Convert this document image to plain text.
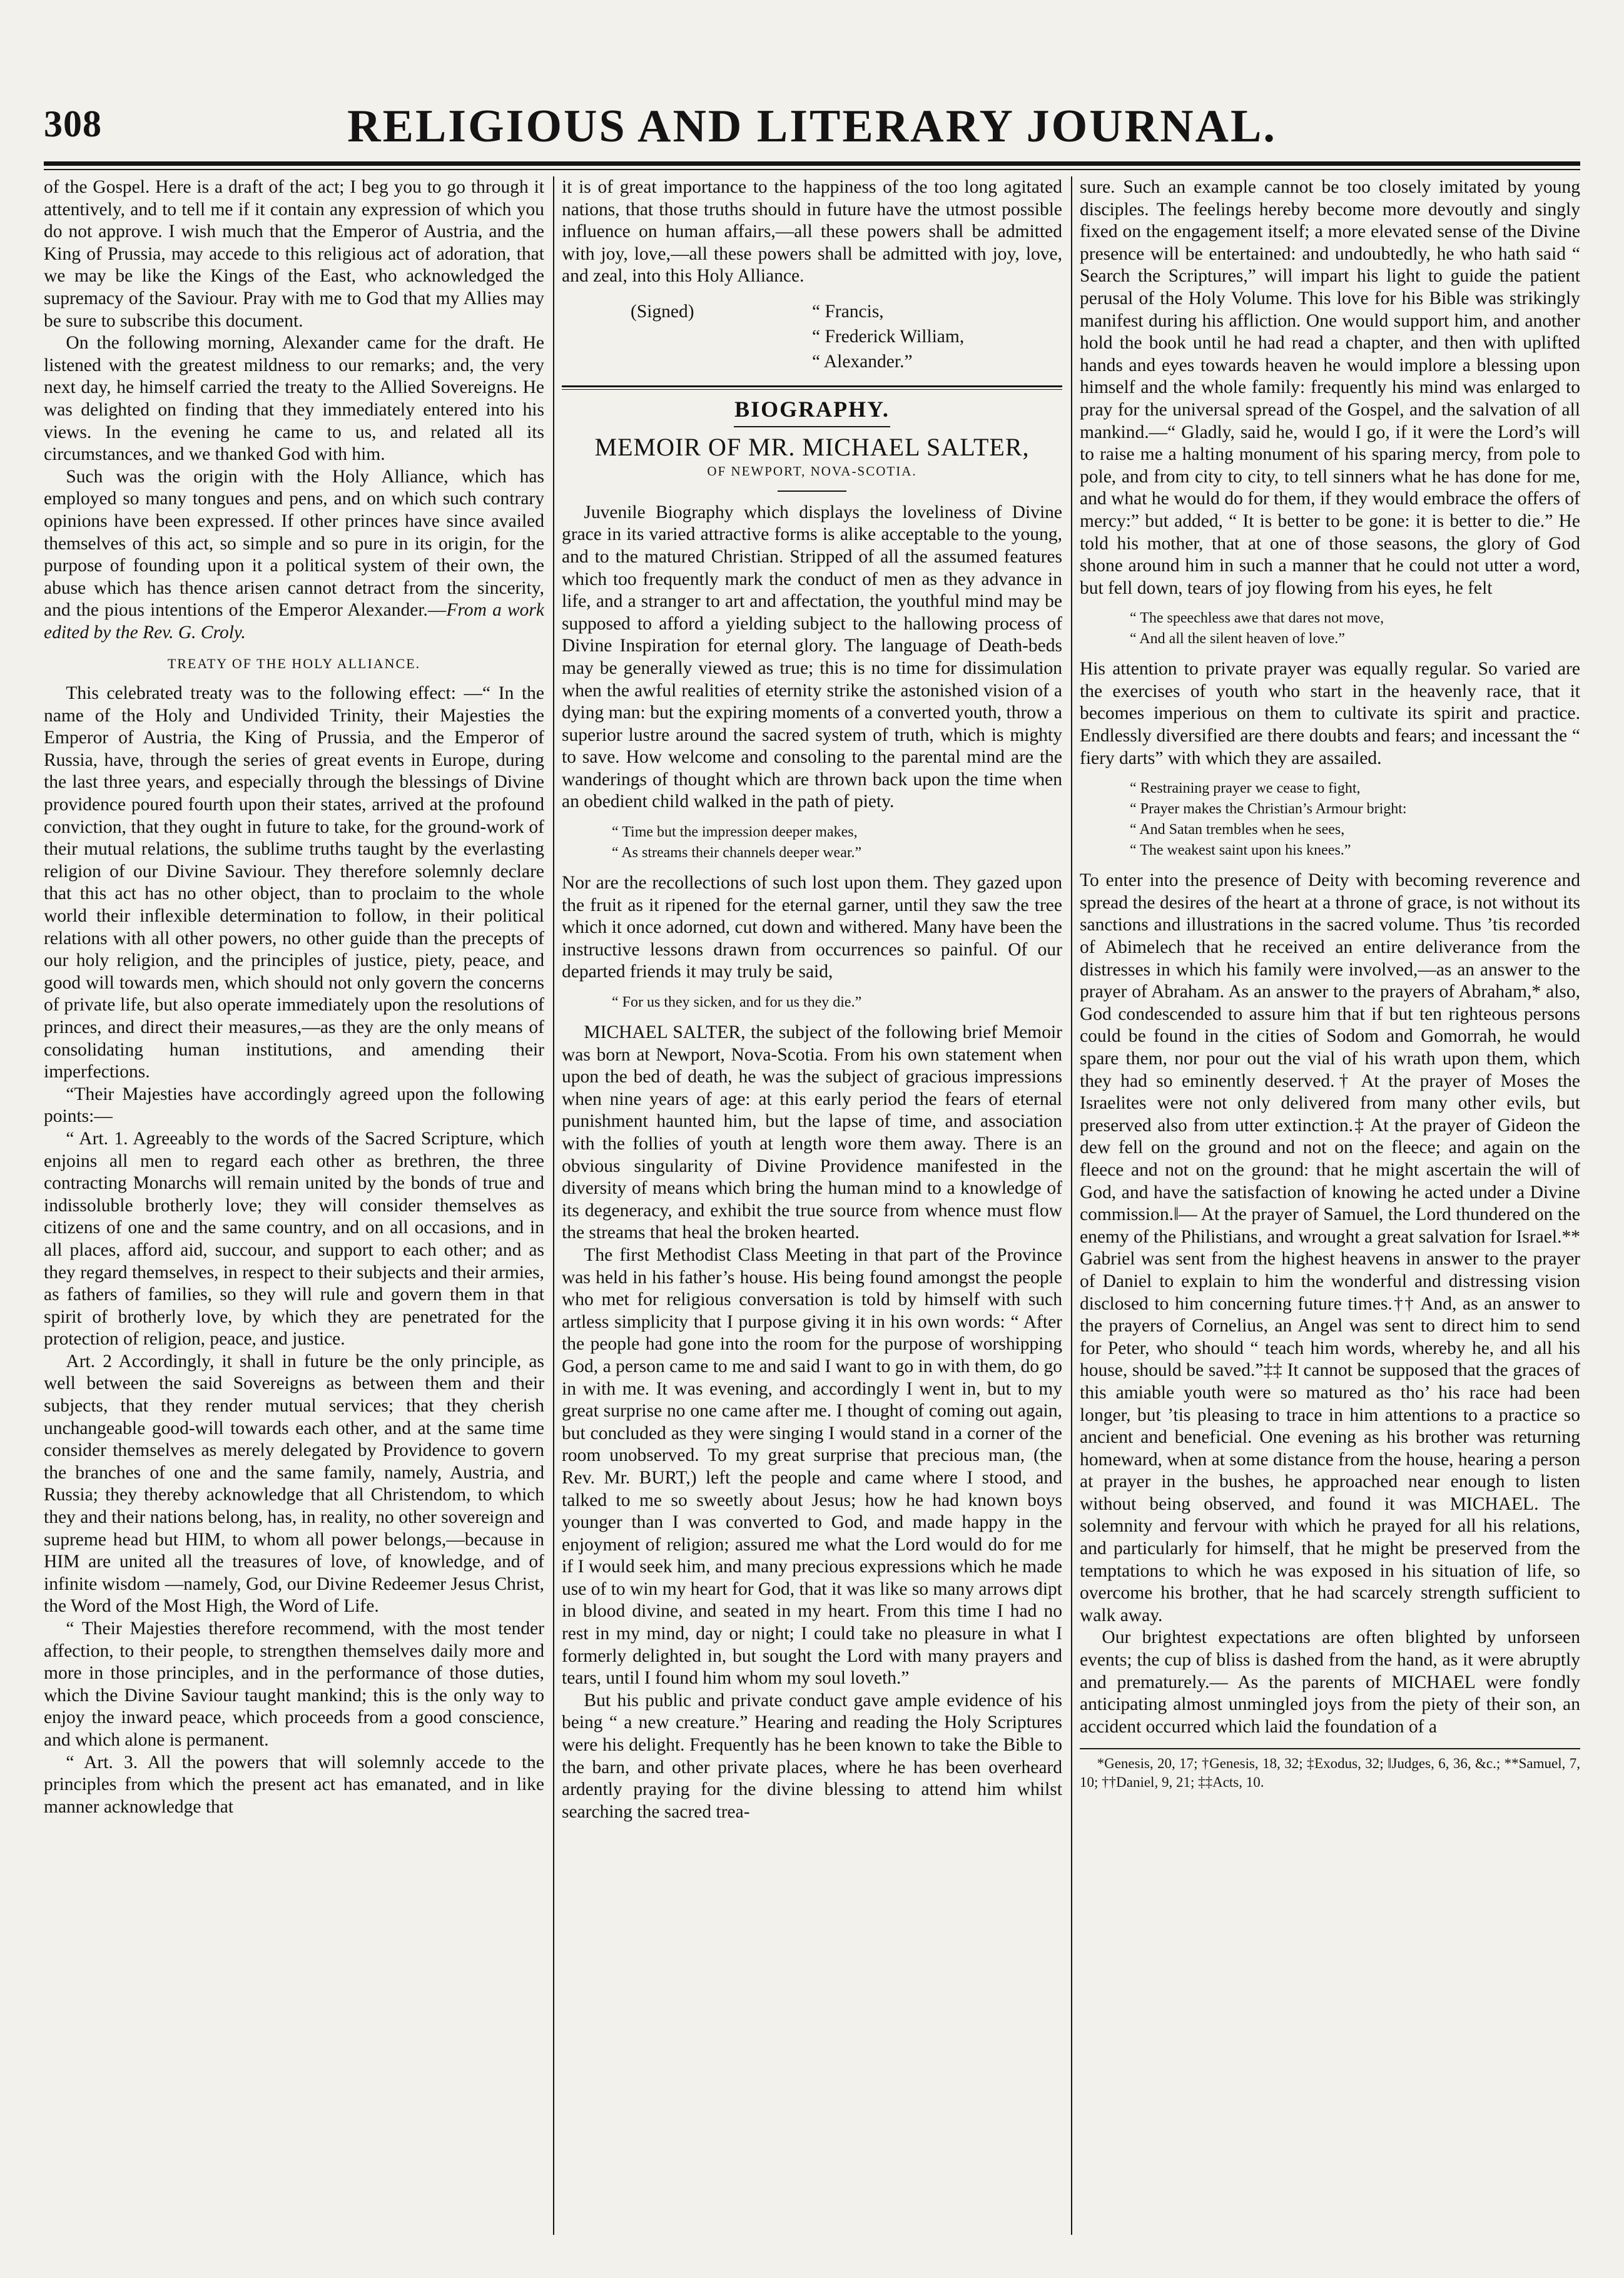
308	RELIGIOUS AND LITERARY JOURNAL.

of the Gospel. Here is a draft of the act; I beg you to go through it attentively, and to tell me if it contain any expression of which you do not approve. I wish much that the Emperor of Austria, and the King of Prussia, may accede to this religious act of adoration, that we may be like the Kings of the East, who acknowledged the supremacy of the Saviour. Pray with me to God that my Allies may be sure to subscribe this document.

On the following morning, Alexander came for the draft. He listened with the greatest mildness to our remarks; and, the very next day, he himself carried the treaty to the Allied Sovereigns. He was delighted on finding that they immediately entered into his views. In the evening he came to us, and related all its circumstances, and we thanked God with him.

Such was the origin with the Holy Alliance, which has employed so many tongues and pens, and on which such contrary opinions have been expressed. If other princes have since availed themselves of this act, so simple and so pure in its origin, for the purpose of founding upon it a political system of their own, the abuse which has thence arisen cannot detract from the sincerity, and the pious intentions of the Emperor Alexander.—From a work edited by the Rev. G. Croly.

TREATY OF THE HOLY ALLIANCE.

This celebrated treaty was to the following effect: —“ In the name of the Holy and Undivided Trinity, their Majesties the Emperor of Austria, the King of Prussia, and the Emperor of Russia, have, through the series of great events in Europe, during the last three years, and especially through the blessings of Divine providence poured fourth upon their states, arrived at the profound conviction, that they ought in future to take, for the ground-work of their mutual relations, the sublime truths taught by the everlasting religion of our Divine Saviour. They therefore solemnly declare that this act has no other object, than to proclaim to the whole world their inflexible determination to follow, in their political relations with all other powers, no other guide than the precepts of our holy religion, and the principles of justice, piety, peace, and good will towards men, which should not only govern the concerns of private life, but also operate immediately upon the resolutions of princes, and direct their measures,—as they are the only means of consolidating human institutions, and amending their imperfections.

“Their Majesties have accordingly agreed upon the following points:—

“ Art. 1. Agreeably to the words of the Sacred Scripture, which enjoins all men to regard each other as brethren, the three contracting Monarchs will remain united by the bonds of true and indissoluble brotherly love; they will consider themselves as citizens of one and the same country, and on all occasions, and in all places, afford aid, succour, and support to each other; and as they regard themselves, in respect to their subjects and their armies, as fathers of families, so they will rule and govern them in that spirit of brotherly love, by which they are penetrated for the protection of religion, peace, and justice.

Art. 2 Accordingly, it shall in future be the only principle, as well between the said Sovereigns as between them and their subjects, that they render mutual services; that they cherish unchangeable good-will towards each other, and at the same time consider themselves as merely delegated by Providence to govern the branches of one and the same family, namely, Austria, and Russia; they thereby acknowledge that all Christendom, to which they and their nations belong, has, in reality, no other sovereign and supreme head but HIM, to whom all power belongs,—because in HIM are united all the treasures of love, of knowledge, and of infinite wisdom —namely, God, our Divine Redeemer Jesus Christ, the Word of the Most High, the Word of Life.

“ Their Majesties therefore recommend, with the most tender affection, to their people, to strengthen themselves daily more and more in those principles, and in the performance of those duties, which the Divine Saviour taught mankind; this is the only way to enjoy the inward peace, which proceeds from a good conscience, and which alone is permanent.

“ Art. 3. All the powers that will solemnly accede to the principles from which the present act has emanated, and in like manner acknowledge that

it is of great importance to the happiness of the too long agitated nations, that those truths should in future have the utmost possible influence on human affairs,—all these powers shall be admitted with joy, love,—all these powers shall be admitted with joy, love, and zeal, into this Holy Alliance.

(Signed)	“ Francis,
“ Frederick William,
“ Alexander.”
BIOGRAPHY.
MEMOIR OF MR. MICHAEL SALTER,
OF NEWPORT, NOVA-SCOTIA.

Juvenile Biography which displays the loveliness of Divine grace in its varied attractive forms is alike acceptable to the young, and to the matured Christian. Stripped of all the assumed features which too frequently mark the conduct of men as they advance in life, and a stranger to art and affectation, the youthful mind may be supposed to afford a yielding subject to the hallowing process of Divine Inspiration for eternal glory. The language of Death-beds may be generally viewed as true; this is no time for dissimulation when the awful realities of eternity strike the astonished vision of a dying man: but the expiring moments of a converted youth, throw a superior lustre around the sacred system of truth, which is mighty to save. How welcome and consoling to the parental mind are the wanderings of thought which are thrown back upon the time when an obedient child walked in the path of piety.

“ Time but the impression deeper makes,
“ As streams their channels deeper wear.”

Nor are the recollections of such lost upon them. They gazed upon the fruit as it ripened for the eternal garner, until they saw the tree which it once adorned, cut down and withered. Many have been the instructive lessons drawn from occurrences so painful. Of our departed friends it may truly be said,

“ For us they sicken, and for us they die.”

MICHAEL SALTER, the subject of the following brief Memoir was born at Newport, Nova-Scotia. From his own statement when upon the bed of death, he was the subject of gracious impressions when nine years of age: at this early period the fears of eternal punishment haunted him, but the lapse of time, and association with the follies of youth at length wore them away. There is an obvious singularity of Divine Providence manifested in the diversity of means which bring the human mind to a knowledge of its degeneracy, and exhibit the true source from whence must flow the streams that heal the broken hearted.

The first Methodist Class Meeting in that part of the Province was held in his father’s house. His being found amongst the people who met for religious conversation is told by himself with such artless simplicity that I purpose giving it in his own words: “ After the people had gone into the room for the purpose of worshipping God, a person came to me and said I want to go in with them, do go in with me. It was evening, and accordingly I went in, but to my great surprise no one came after me. I thought of coming out again, but concluded as they were singing I would stand in a corner of the room unobserved. To my great surprise that precious man, (the Rev. Mr. BURT,) left the people and came where I stood, and talked to me so sweetly about Jesus; how he had known boys younger than I was converted to God, and made happy in the enjoyment of religion; assured me what the Lord would do for me if I would seek him, and many precious expressions which he made use of to win my heart for God, that it was like so many arrows dipt in blood divine, and seated in my heart. From this time I had no rest in my mind, day or night; I could take no pleasure in what I formerly delighted in, but sought the Lord with many prayers and tears, until I found him whom my soul loveth.”

But his public and private conduct gave ample evidence of his being “ a new creature.” Hearing and reading the Holy Scriptures were his delight. Frequently has he been known to take the Bible to the barn, and other private places, where he has been overheard ardently praying for the divine blessing to attend him whilst searching the sacred trea-

sure. Such an example cannot be too closely imitated by young disciples. The feelings hereby become more devoutly and singly fixed on the engagement itself; a more elevated sense of the Divine presence will be entertained: and undoubtedly, he who hath said “ Search the Scriptures,” will impart his light to guide the patient perusal of the Holy Volume. This love for his Bible was strikingly manifest during his affliction. One would support him, and another hold the book until he had read a chapter, and then with uplifted hands and eyes towards heaven he would implore a blessing upon himself and the whole family: frequently his mind was enlarged to pray for the universal spread of the Gospel, and the salvation of all mankind.—“ Gladly, said he, would I go, if it were the Lord’s will to raise me a halting monument of his sparing mercy, from pole to pole, and from city to city, to tell sinners what he has done for me, and what he would do for them, if they would embrace the offers of mercy:” but added, “ It is better to be gone: it is better to die.” He told his mother, that at one of those seasons, the glory of God shone around him in such a manner that he could not utter a word, but fell down, tears of joy flowing from his eyes, he felt

“ The speechless awe that dares not move,
“ And all the silent heaven of love.”

His attention to private prayer was equally regular. So varied are the exercises of youth who start in the heavenly race, that it becomes imperious on them to cultivate its spirit and practice. Endlessly diversified are there doubts and fears; and incessant the “ fiery darts” with which they are assailed.

“ Restraining prayer we cease to fight,
“ Prayer makes the Christian’s Armour bright:
“ And Satan trembles when he sees,
“ The weakest saint upon his knees.”

To enter into the presence of Deity with becoming reverence and spread the desires of the heart at a throne of grace, is not without its sanctions and illustrations in the sacred volume. Thus ’tis recorded of Abimelech that he received an entire deliverance from the distresses in which his family were involved,—as an answer to the prayer of Abraham. As an answer to the prayers of Abraham,* also, God condescended to assure him that if but ten righteous persons could be found in the cities of Sodom and Gomorrah, he would spare them, nor pour out the vial of his wrath upon them, which they had so eminently deserved.† At the prayer of Moses the Israelites were not only delivered from many other evils, but preserved also from utter extinction.‡ At the prayer of Gideon the dew fell on the ground and not on the fleece; and again on the fleece and not on the ground: that he might ascertain the will of God, and have the satisfaction of knowing he acted under a Divine commission.‖— At the prayer of Samuel, the Lord thundered on the enemy of the Philistians, and wrought a great salvation for Israel.** Gabriel was sent from the highest heavens in answer to the prayer of Daniel to explain to him the wonderful and distressing vision disclosed to him concerning future times.†† And, as an answer to the prayers of Cornelius, an Angel was sent to direct him to send for Peter, who should “ teach him words, whereby he, and all his house, should be saved.”‡‡ It cannot be supposed that the graces of this amiable youth were so matured as tho’ his race had been longer, but ’tis pleasing to trace in him attentions to a practice so ancient and beneficial. One evening as his brother was returning homeward, when at some distance from the house, hearing a person at prayer in the bushes, he approached near enough to listen without being observed, and found it was MICHAEL. The solemnity and fervour with which he prayed for all his relations, and particularly for himself, that he might be preserved from the temptations to which he was exposed in his situation of life, so overcome his brother, that he had scarcely strength sufficient to walk away.

Our brightest expectations are often blighted by unforseen events; the cup of bliss is dashed from the hand, as it were abruptly and prematurely.— As the parents of MICHAEL were fondly anticipating almost unmingled joys from the piety of their son, an accident occurred which laid the foundation of a

*Genesis, 20, 17; †Genesis, 18, 32; ‡Exodus, 32; ‖Judges, 6, 36, &c.; **Samuel, 7, 10; ††Daniel, 9, 21; ‡‡Acts, 10.
